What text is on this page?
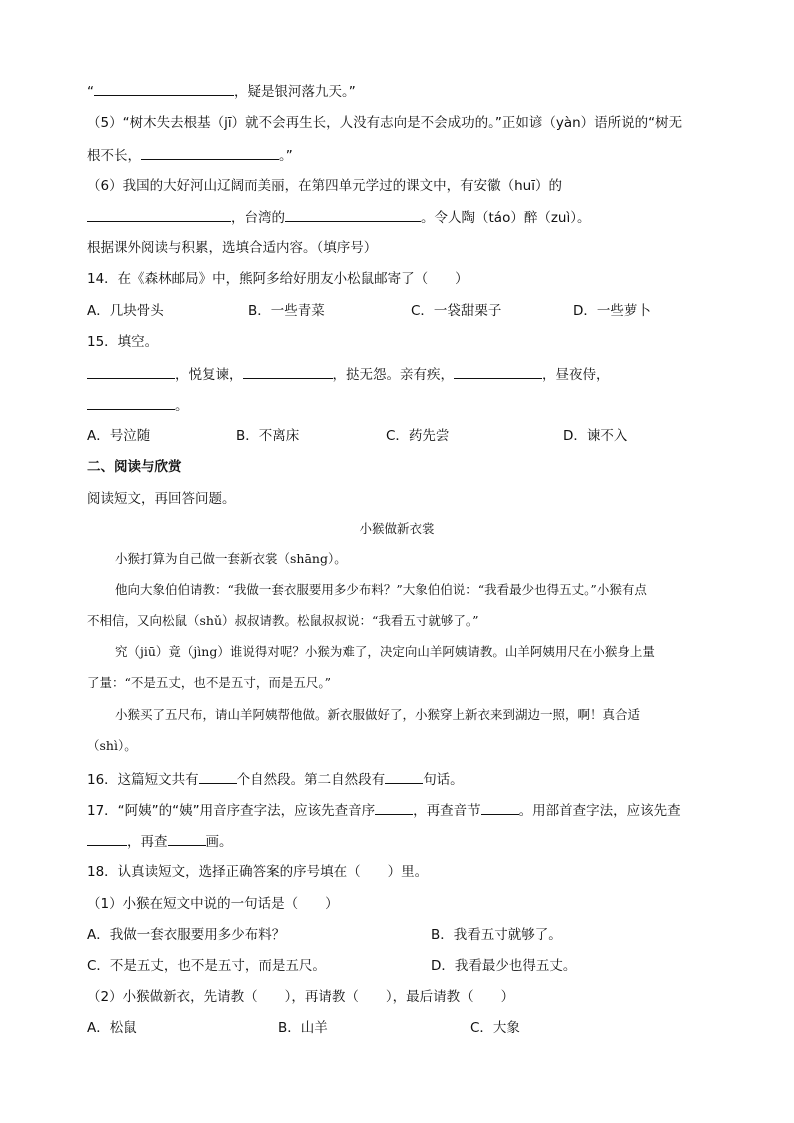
“	，疑是银河落九天。”
（5）“树木失去根基（jī）就不会再生长，人没有志向是不会成功的。”正如谚（yàn）语所说的“树无
根不长，	。”
（6）我国的大好河山辽阔而美丽，在第四单元学过的课文中，有安徽（huī）的
，台湾的	。令人陶（táo）醉（zuì）。
根据课外阅读与积累，选填合适内容。（填序号）
14．在《森林邮局》中，熊阿多给好朋友小松鼠邮寄了（　　）
A．几块骨头	B．一些青菜	C．一袋甜栗子	D．一些萝卜
15．填空。
，悦复谏，	，挞无怨。亲有疾，	，昼夜侍，
。
A．号泣随	B．不离床	C．药先尝	D．谏不入
二、阅读与欣赏
阅读短文，再回答问题。
小猴做新衣裳
小猴打算为自己做一套新衣裳（shāng）。
他向大象伯伯请教：“我做一套衣服要用多少布料？”大象伯伯说：“我看最少也得五丈。”小猴有点
不相信，又向松鼠（shǔ）叔叔请教。松鼠叔叔说：“我看五寸就够了。”
究（jiū）竟（jìng）谁说得对呢？小猴为难了，决定向山羊阿姨请教。山羊阿姨用尺在小猴身上量
了量：“不是五丈，也不是五寸，而是五尺。”
小猴买了五尺布，请山羊阿姨帮他做。新衣服做好了，小猴穿上新衣来到湖边一照，啊！真合适
（shì）。
16．这篇短文共有	个自然段。第二自然段有	句话。
17．“阿姨”的“姨”用音序查字法，应该先查音序	，再查音节	。用部首查字法，应该先查
，再查	画。
18．认真读短文，选择正确答案的序号填在（　　）里。
（1）小猴在短文中说的一句话是（　　）
A．我做一套衣服要用多少布料？	B．我看五寸就够了。
C．不是五丈，也不是五寸，而是五尺。	D．我看最少也得五丈。
（2）小猴做新衣，先请教（　　），再请教（　　），最后请教（　　）
A．松鼠	B．山羊	C．大象
